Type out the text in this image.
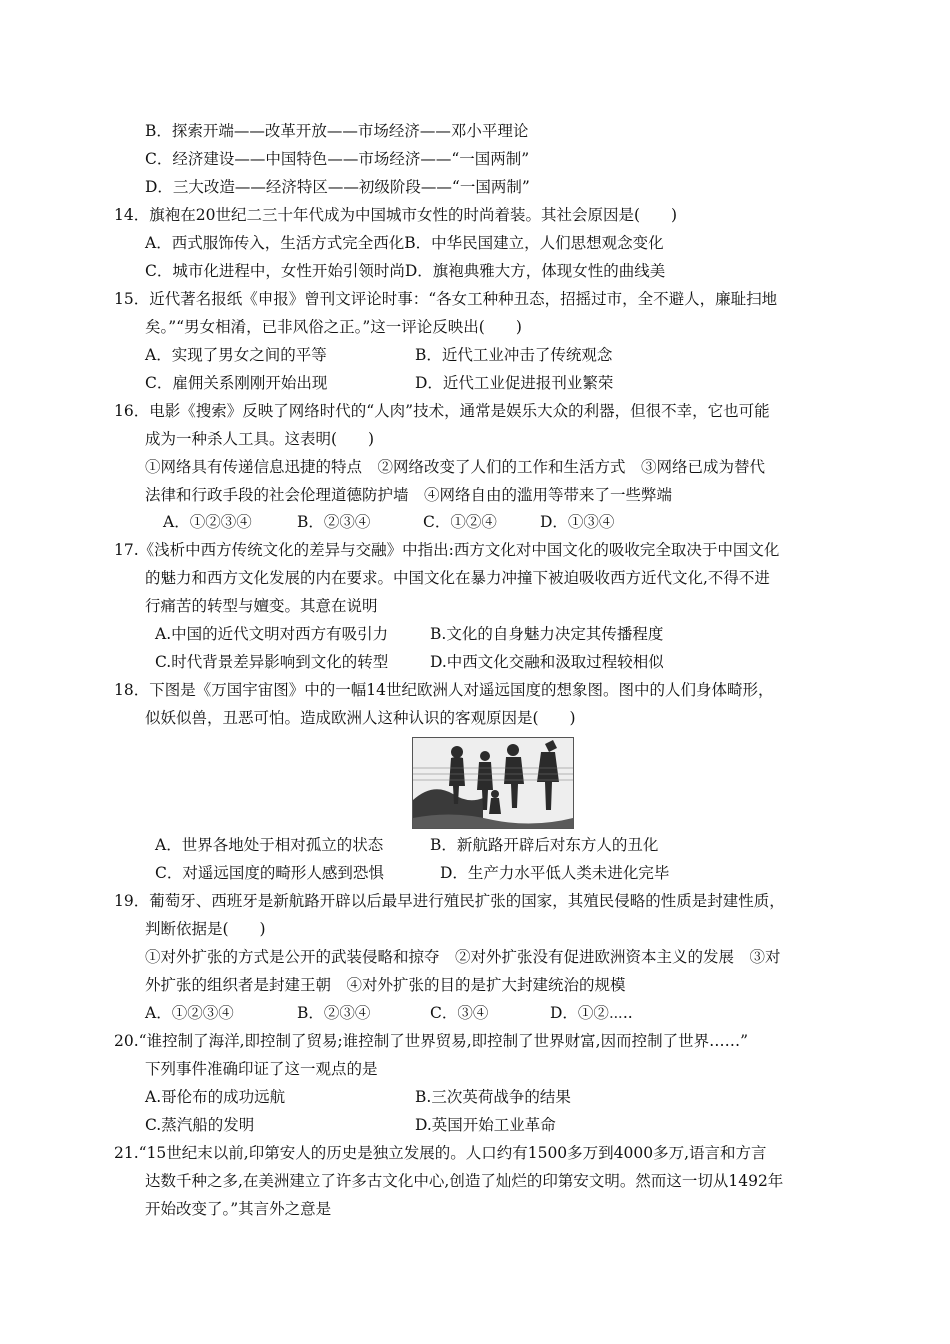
B．探索开端——改革开放——市场经济——邓小平理论
C．经济建设——中国特色——市场经济——“一国两制”
D．三大改造——经济特区——初级阶段——“一国两制”
14．旗袍在20世纪二三十年代成为中国城市女性的时尚着装。其社会原因是(　　)
A．西式服饰传入，生活方式完全西化B．中华民国建立，人们思想观念变化
C．城市化进程中，女性开始引领时尚D．旗袍典雅大方，体现女性的曲线美
15．近代著名报纸《申报》曾刊文评论时事：“各女工种种丑态，招摇过市，全不避人，廉耻扫地
矣。”“男女相淆，已非风俗之正。”这一评论反映出(　　)
A．实现了男女之间的平等	B．近代工业冲击了传统观念
C．雇佣关系刚刚开始出现	D．近代工业促进报刊业繁荣
16．电影《搜索》反映了网络时代的“人肉”技术，通常是娱乐大众的利器，但很不幸，它也可能
成为一种杀人工具。这表明(　　)
①网络具有传递信息迅捷的特点　②网络改变了人们的工作和生活方式　③网络已成为替代
法律和行政手段的社会伦理道德防护墙　④网络自由的滥用等带来了一些弊端
A．①②③④	B．②③④	C．①②④	D．①③④
17.《浅析中西方传统文化的差异与交融》中指出:西方文化对中国文化的吸收完全取决于中国文化
的魅力和西方文化发展的内在要求。中国文化在暴力冲撞下被迫吸收西方近代文化,不得不进
行痛苦的转型与嬗变。其意在说明
A.中国的近代文明对西方有吸引力	B.文化的自身魅力决定其传播程度
C.时代背景差异影响到文化的转型	D.中西文化交融和汲取过程较相似
18．下图是《万国宇宙图》中的一幅14世纪欧洲人对遥远国度的想象图。图中的人们身体畸形，
似妖似兽，丑恶可怕。造成欧洲人这种认识的客观原因是(　　)
A．世界各地处于相对孤立的状态	B．新航路开辟后对东方人的丑化
C．对遥远国度的畸形人感到恐惧	D．生产力水平低人类未进化完毕
19．葡萄牙、西班牙是新航路开辟以后最早进行殖民扩张的国家，其殖民侵略的性质是封建性质，
判断依据是(　　)
①对外扩张的方式是公开的武装侵略和掠夺　②对外扩张没有促进欧洲资本主义的发展　③对
外扩张的组织者是封建王朝　④对外扩张的目的是扩大封建统治的规模
A．①②③④	B．②③④	C．③④	D．①②⋯..
20.“谁控制了海洋,即控制了贸易;谁控制了世界贸易,即控制了世界财富,因而控制了世界……”
下列事件准确印证了这一观点的是
A.哥伦布的成功远航	B.三次英荷战争的结果
C.蒸汽船的发明	D.英国开始工业革命
21.“15世纪末以前,印第安人的历史是独立发展的。人口约有1500多万到4000多万,语言和方言
达数千种之多,在美洲建立了许多古文化中心,创造了灿烂的印第安文明。然而这一切从1492年
开始改变了。”其言外之意是
